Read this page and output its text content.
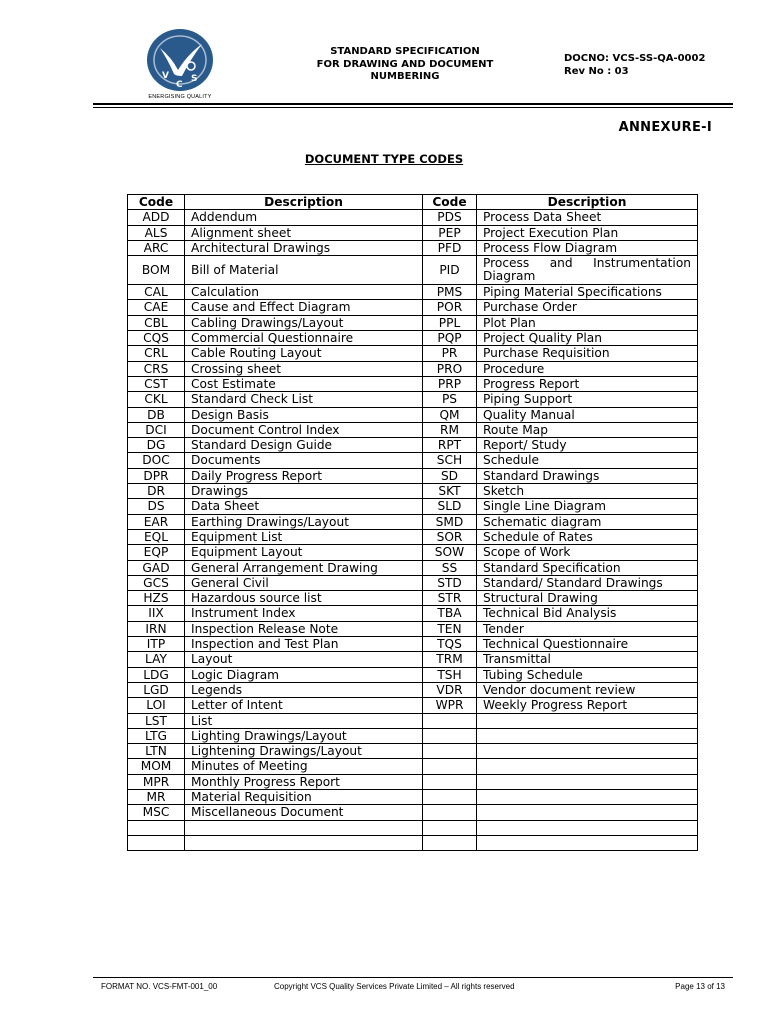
V
C
S
ENERGISING QUALITY
STANDARD SPECIFICATION
FOR DRAWING AND DOCUMENT
NUMBERING
DOCNO: VCS-SS-QA-0002
Rev No : 03
ANNEXURE-I
DOCUMENT TYPE CODES
Code	Description	Code	Description
ADD	Addendum	PDS	Process Data Sheet
ALS	Alignment sheet	PEP	Project Execution Plan
ARC	Architectural Drawings	PFD	Process Flow Diagram
BOM	Bill of Material	PID	Process and Instrumentation Diagram
CAL	Calculation	PMS	Piping Material Specifications
CAE	Cause and Effect Diagram	POR	Purchase Order
CBL	Cabling Drawings/Layout	PPL	Plot Plan
CQS	Commercial Questionnaire	PQP	Project Quality Plan
CRL	Cable Routing Layout	PR	Purchase Requisition
CRS	Crossing sheet	PRO	Procedure
CST	Cost Estimate	PRP	Progress Report
CKL	Standard Check List	PS	Piping Support
DB	Design Basis	QM	Quality Manual
DCI	Document Control Index	RM	Route Map
DG	Standard Design Guide	RPT	Report/ Study
DOC	Documents	SCH	Schedule
DPR	Daily Progress Report	SD	Standard Drawings
DR	Drawings	SKT	Sketch
DS	Data Sheet	SLD	Single Line Diagram
EAR	Earthing Drawings/Layout	SMD	Schematic diagram
EQL	Equipment List	SOR	Schedule of Rates
EQP	Equipment Layout	SOW	Scope of Work
GAD	General Arrangement Drawing	SS	Standard Specification
GCS	General Civil	STD	Standard/ Standard Drawings
HZS	Hazardous source list	STR	Structural Drawing
IIX	Instrument Index	TBA	Technical Bid Analysis
IRN	Inspection Release Note	TEN	Tender
ITP	Inspection and Test Plan	TQS	Technical Questionnaire
LAY	Layout	TRM	Transmittal
LDG	Logic Diagram	TSH	Tubing Schedule
LGD	Legends	VDR	Vendor document review
LOI	Letter of Intent	WPR	Weekly Progress Report
LST	List		
LTG	Lighting Drawings/Layout		
LTN	Lightening Drawings/Layout		
MOM	Minutes of Meeting		
MPR	Monthly Progress Report		
MR	Material Requisition		
MSC	Miscellaneous Document		

FORMAT NO. VCS-FMT-001_00	Copyright VCS Quality Services Private Limited – All rights reserved	Page 13 of 13
